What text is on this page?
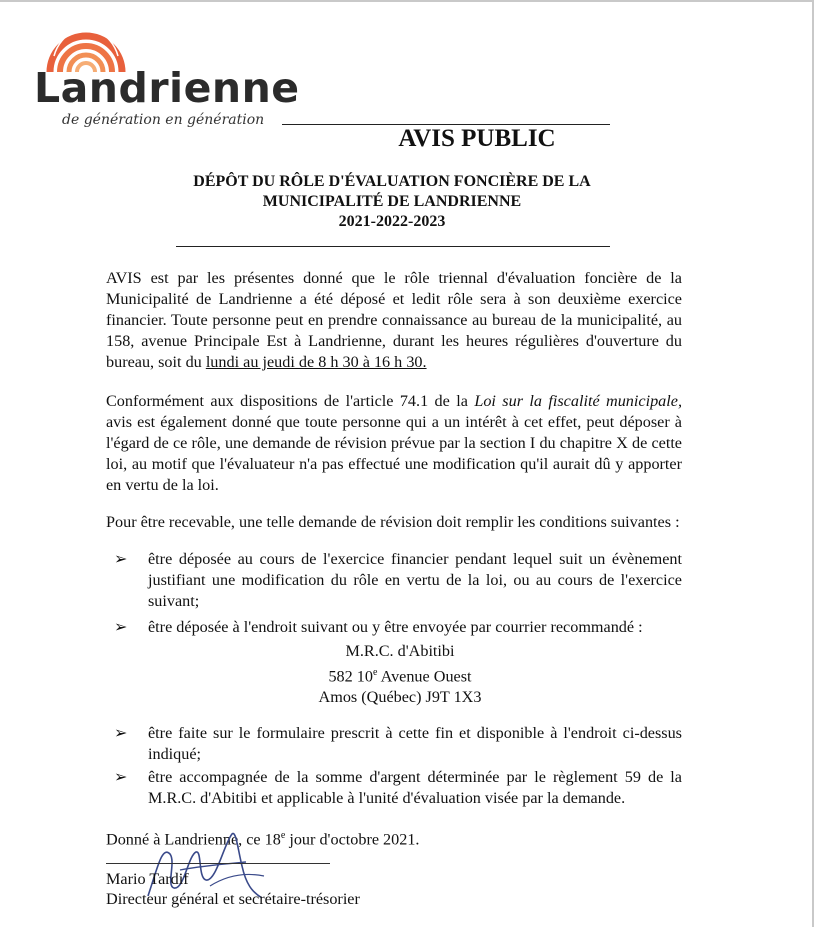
Landrienne
de génération en génération
AVIS PUBLIC
DÉPÔT DU RÔLE D'ÉVALUATION FONCIÈRE DE LA
MUNICIPALITÉ DE LANDRIENNE
2021-2022-2023
AVIS est par les présentes donné que le rôle triennal d'évaluation foncière de la Municipalité de Landrienne a été déposé et ledit rôle sera à son deuxième exercice financier. Toute personne peut en prendre connaissance au bureau de la municipalité, au 158, avenue Principale Est à Landrienne, durant les heures régulières d'ouverture du bureau, soit du lundi au jeudi de 8 h 30 à 16 h 30.
Conformément aux dispositions de l'article 74.1 de la Loi sur la fiscalité municipale, avis est également donné que toute personne qui a un intérêt à cet effet, peut déposer à l'égard de ce rôle, une demande de révision prévue par la section I du chapitre X de cette loi, au motif que l'évaluateur n'a pas effectué une modification qu'il aurait dû y apporter en vertu de la loi.
Pour être recevable, une telle demande de révision doit remplir les conditions suivantes :
➢	être déposée au cours de l'exercice financier pendant lequel suit un évènement justifiant une modification du rôle en vertu de la loi, ou au cours de l'exercice suivant;
➢	être déposée à l'endroit suivant ou y être envoyée par courrier recommandé :
M.R.C. d'Abitibi
582 10e Avenue Ouest
Amos (Québec) J9T 1X3
➢	être faite sur le formulaire prescrit à cette fin et disponible à l'endroit ci-dessus indiqué;
➢	être accompagnée de la somme d'argent déterminée par le règlement 59 de la M.R.C. d'Abitibi et applicable à l'unité d'évaluation visée par la demande.
Donné à Landrienne, ce 18e jour d'octobre 2021.
Mario Tardif
Directeur général et secrétaire-trésorier
